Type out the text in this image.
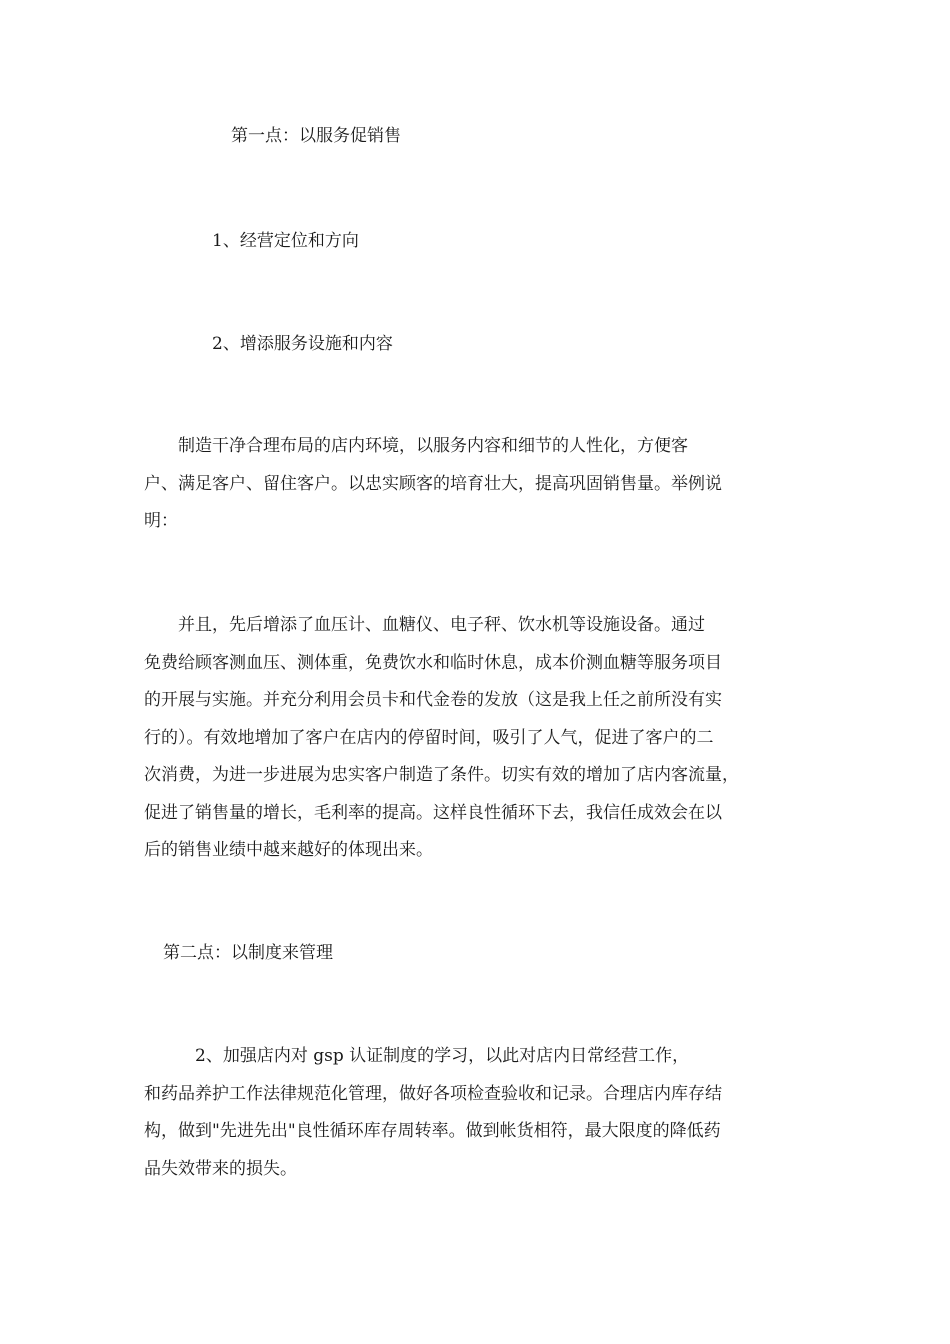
第一点：以服务促销售
1、经营定位和方向
2、增添服务设施和内容
　　制造干净合理布局的店内环境，以服务内容和细节的人性化，方便客
户、满足客户、留住客户。以忠实顾客的培育壮大，提高巩固销售量。举例说
明：
　　并且，先后增添了血压计、血糖仪、电子秤、饮水机等设施设备。通过
免费给顾客测血压、测体重，免费饮水和临时休息，成本价测血糖等服务项目
的开展与实施。并充分利用会员卡和代金卷的发放（这是我上任之前所没有实
行的）。有效地增加了客户在店内的停留时间，吸引了人气，促进了客户的二
次消费，为进一步进展为忠实客户制造了条件。切实有效的增加了店内客流量，
促进了销售量的增长，毛利率的提高。这样良性循环下去，我信任成效会在以
后的销售业绩中越来越好的体现出来。
第二点：以制度来管理
　　　2、加强店内对 gsp 认证制度的学习，以此对店内日常经营工作，
和药品养护工作法律规范化管理，做好各项检查验收和记录。合理店内库存结
构，做到"先进先出"良性循环库存周转率。做到帐货相符，最大限度的降低药
品失效带来的损失。
